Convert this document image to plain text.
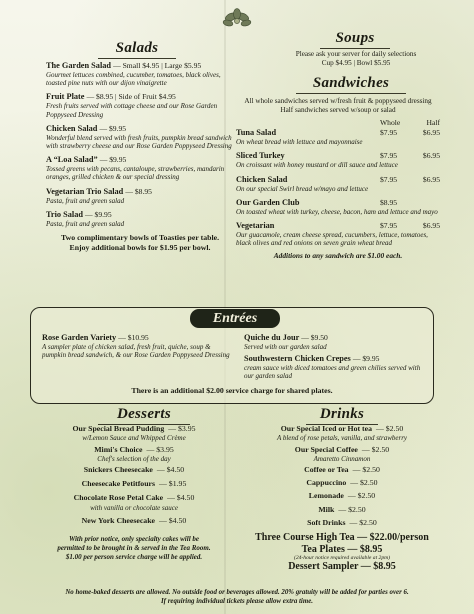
Salads
The Garden Salad — Small $4.95 | Large $5.95
Gourmet lettuces combined, cucumber, tomatoes, black olives, toasted pine nuts with our dijon vinaigrette
Fruit Plate — $8.95 | Side of Fruit $4.95
Fresh fruits served with cottage cheese and our Rose Garden Poppyseed Dressing
Chicken Salad — $9.95
Wonderful blend served with fresh fruits, pumpkin bread sandwich with strawberry cheese and our Rose Garden Poppyseed Dressing
A “Loa Salad” — $9.95
Tossed greens with pecans, cantaloupe, strawberries, mandarin oranges, grilled chicken & our special dressing
Vegetarian Trio Salad — $8.95
Pasta, fruit and green salad
Trio Salad — $9.95
Pasta, fruit and green salad
Two complimentary bowls of Toasties per table.
Enjoy additional bowls for $1.95 per bowl.
Soups
Please ask your server for daily selections
Cup $4.95 | Bowl $5.95
Sandwiches
All whole sandwiches served w/fresh fruit & poppyseed dressing
Half sandwiches served w/soup or salad
Whole	Half
Tuna Salad	$7.95	$6.95
On wheat bread with lettuce and mayonnaise
Sliced Turkey	$7.95	$6.95
On croissant with honey mustard or dill sauce and lettuce
Chicken Salad	$7.95	$6.95
On our special Swirl bread w/mayo and lettuce
Our Garden Club	$8.95
On toasted wheat with turkey, cheese, bacon, ham and lettuce and mayo
Vegetarian	$7.95	$6.95
Our guacamole, cream cheese spread, cucumbers, lettuce, tomatoes, black olives and red onions on seven grain wheat bread
Additions to any sandwich are $1.00 each.
Entrées
Rose Garden Variety — $10.95
A sampler plate of chicken salad, fresh fruit, quiche, soup & pumpkin bread sandwich, & our Rose Garden Poppyseed Dressing
Quiche du Jour — $9.50
Served with our garden salad
Southwestern Chicken Crepes — $9.95
cream sauce with diced tomatoes and green chilies served with our garden salad
There is an additional $2.00 service charge for shared plates.
Desserts
Our Special Bread Pudding — $3.95
w/Lemon Sauce and Whipped Crème
Mimi's Choice — $3.95
Chef's selection of the day
Snickers Cheesecake — $4.50
Cheesecake Petitfours — $1.95
Chocolate Rose Petal Cake — $4.50
with vanilla or chocolate sauce
New York Cheesecake — $4.50
With prior notice, only specialty cakes will be
permitted to be brought in & served in the Tea Room.
$1.00 per person service charge will be applied.
Drinks
Our Special Iced or Hot tea — $2.50
A blend of rose petals, vanilla, and strawberry
Our Special Coffee — $2.50
Amaretto Cinnamon
Coffee or Tea — $2.50
Cappuccino — $2.50
Lemonade — $2.50
Milk — $2.50
Soft Drinks — $2.50
Three Course High Tea — $22.00/person
Tea Plates — $8.95
(24-hour notice required available at 2pm)
Dessert Sampler — $8.95
No home-baked desserts are allowed. No outside food or beverages allowed. 20% gratuity will be added for parties over 6.
If requiring individual tickets please allow extra time.
